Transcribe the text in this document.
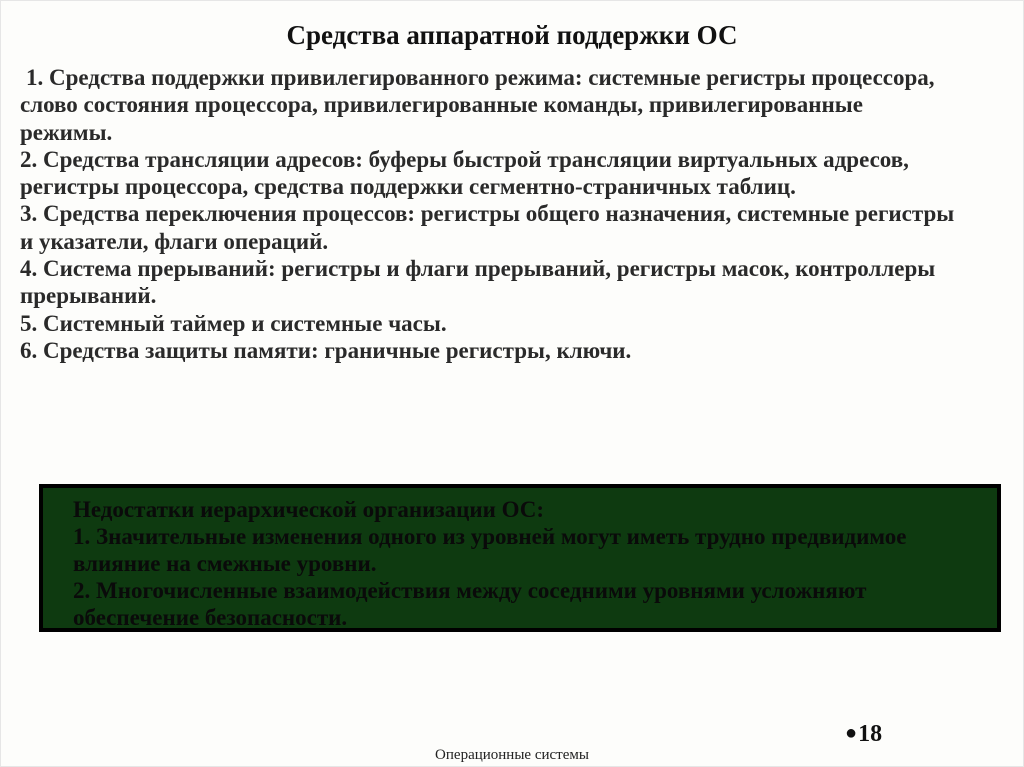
Средства аппаратной поддержки ОС

1. Средства поддержки привилегированного режима: системные регистры процессора, слово состояния процессора, привилегированные команды, привилегированные режимы.

2. Средства трансляции адресов: буферы быстрой трансляции виртуальных адресов, регистры процессора, средства поддержки сегментно-страничных таблиц.

3. Средства переключения процессов: регистры общего назначения, системные регистры и указатели, флаги операций.

4. Система прерываний: регистры и флаги прерываний, регистры масок, контроллеры прерываний.

5. Системный таймер и системные часы.

6. Средства защиты памяти: граничные регистры, ключи.

Недостатки иерархической организации ОС:

1. Значительные изменения одного из уровней могут иметь трудно предвидимое влияние на смежные уровни.

2. Многочисленные взаимодействия между соседними уровнями усложняют обеспечение безопасности.

●18
Операционные системы
